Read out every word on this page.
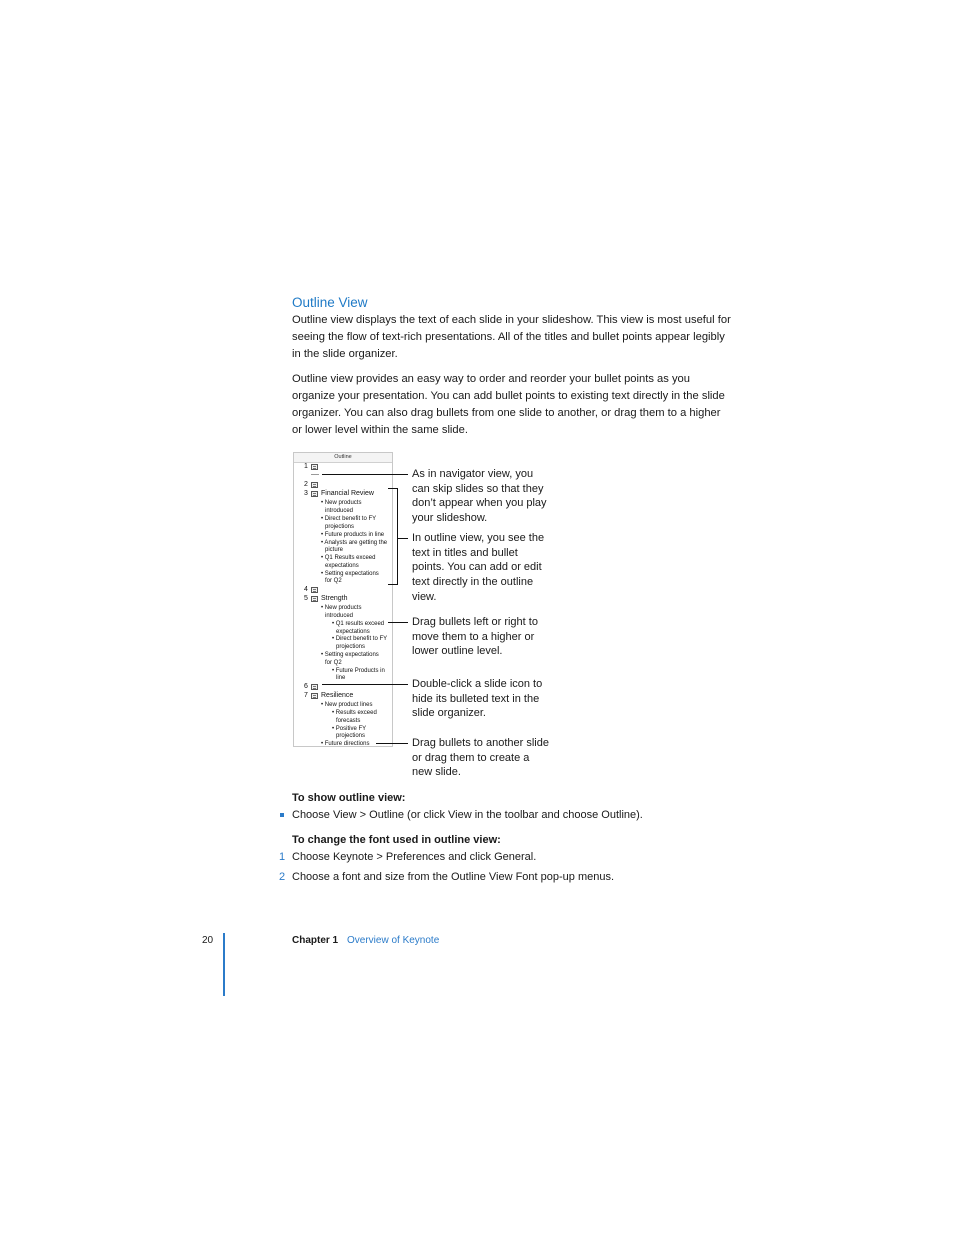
Outline View
Outline view displays the text of each slide in your slideshow. This view is most useful for seeing the flow of text-rich presentations. All of the titles and bullet points appear legibly in the slide organizer.
Outline view provides an easy way to order and reorder your bullet points as you organize your presentation. You can add bullet points to existing text directly in the slide organizer. You can also drag bullets from one slide to another, or drag them to a higher or lower level within the same slide.
Outline
1
2
3 Financial Review
• New products
introduced
• Direct benefit to FY
projections
• Future products in line
• Analysts are getting the
picture
• Q1 Results exceed
expectations
• Setting expectations
for Q2
4
5 Strength
• New products
introduced
• Q1 results exceed
expectations
• Direct benefit to FY
projections
• Setting expectations
for Q2
• Future Products in
line
6
7 Resilience
• New product lines
• Results exceed
forecasts
• Positive FY
projections
• Future directions
As in navigator view, you can skip slides so that they don’t appear when you play your slideshow.
In outline view, you see the text in titles and bullet points. You can add or edit text directly in the outline view.
Drag bullets left or right to move them to a higher or lower outline level.
Double-click a slide icon to hide its bulleted text in the slide organizer.
Drag bullets to another slide or drag them to create a new slide.
To show outline view:
Choose View > Outline (or click View in the toolbar and choose Outline).
To change the font used in outline view:
1 Choose Keynote > Preferences and click General.
2 Choose a font and size from the Outline View Font pop-up menus.
20	Chapter 1 Overview of Keynote
